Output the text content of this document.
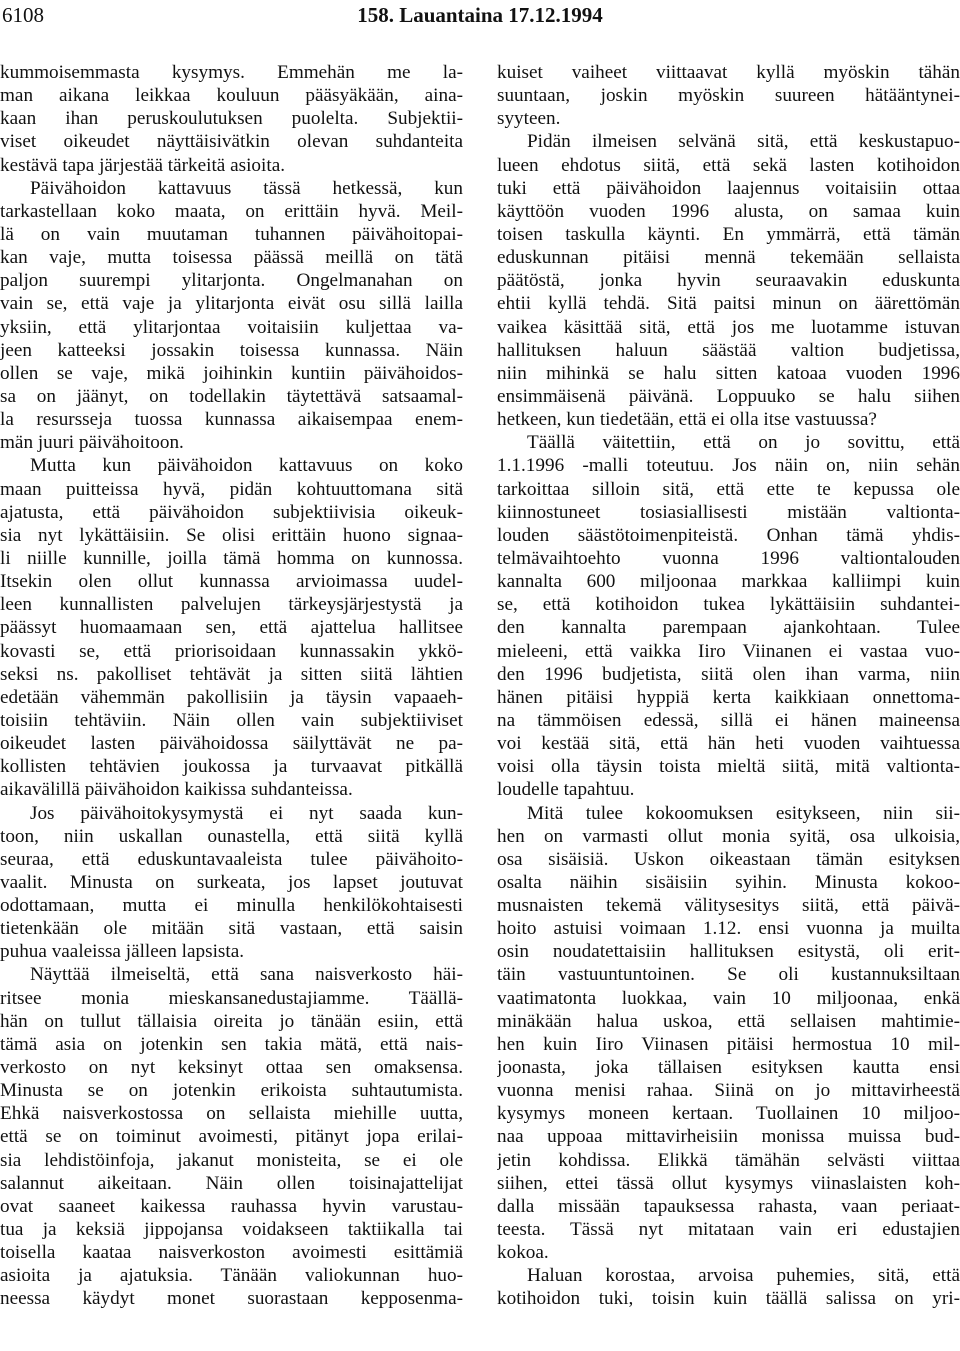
6108	158. Lauantaina 17.12.1994
kummoisemmasta kysymys. Emmehän me la-
man aikana leikkaa kouluun pääsyäkään, aina-
kaan ihan peruskoulutuksen puolelta. Subjektii-
viset oikeudet näyttäisivätkin olevan suhdanteita
kestävä tapa järjestää tärkeitä asioita.
Päivähoidon kattavuus tässä hetkessä, kun
tarkastellaan koko maata, on erittäin hyvä. Meil-
lä on vain muutaman tuhannen päivähoitopai-
kan vaje, mutta toisessa päässä meillä on tätä
paljon suurempi ylitarjonta. Ongelmanahan on
vain se, että vaje ja ylitarjonta eivät osu sillä lailla
yksiin, että ylitarjontaa voitaisiin kuljettaa va-
jeen katteeksi jossakin toisessa kunnassa. Näin
ollen se vaje, mikä joihinkin kuntiin päivähoidos-
sa on jäänyt, on todellakin täytettävä satsaamal-
la resursseja tuossa kunnassa aikaisempaa enem-
män juuri päivähoitoon.
Mutta kun päivähoidon kattavuus on koko
maan puitteissa hyvä, pidän kohtuuttomana sitä
ajatusta, että päivähoidon subjektiivisia oikeuk-
sia nyt lykättäisiin. Se olisi erittäin huono signaa-
li niille kunnille, joilla tämä homma on kunnossa.
Itsekin olen ollut kunnassa arvioimassa uudel-
leen kunnallisten palvelujen tärkeysjärjestystä ja
päässyt huomaamaan sen, että ajattelua hallitsee
kovasti se, että priorisoidaan kunnassakin ykkö-
seksi ns. pakolliset tehtävät ja sitten siitä lähtien
edetään vähemmän pakollisiin ja täysin vapaaeh-
toisiin tehtäviin. Näin ollen vain subjektiiviset
oikeudet lasten päivähoidossa säilyttävät ne pa-
kollisten tehtävien joukossa ja turvaavat pitkällä
aikavälillä päivähoidon kaikissa suhdanteissa.
Jos päivähoitokysymystä ei nyt saada kun-
toon, niin uskallan ounastella, että siitä kyllä
seuraa, että eduskuntavaaleista tulee päivähoito-
vaalit. Minusta on surkeata, jos lapset joutuvat
odottamaan, mutta ei minulla henkilökohtaisesti
tietenkään ole mitään sitä vastaan, että saisin
puhua vaaleissa jälleen lapsista.
Näyttää ilmeiseltä, että sana naisverkosto häi-
ritsee monia mieskansanedustajiamme. Täällä-
hän on tullut tällaisia oireita jo tänään esiin, että
tämä asia on jotenkin sen takia mätä, että nais-
verkosto on nyt keksinyt ottaa sen omaksensa.
Minusta se on jotenkin erikoista suhtautumista.
Ehkä naisverkostossa on sellaista miehille uutta,
että se on toiminut avoimesti, pitänyt jopa erilai-
sia lehdistöinfoja, jakanut monisteita, se ei ole
salannut aikeitaan. Näin ollen toisinajattelijat
ovat saaneet kaikessa rauhassa hyvin varustau-
tua ja keksiä jippojansa voidakseen taktiikalla tai
toisella kaataa naisverkoston avoimesti esittämiä
asioita ja ajatuksia. Tänään valiokunnan huo-
neessa käydyt monet suorastaan kepposenma-
kuiset vaiheet viittaavat kyllä myöskin tähän
suuntaan, joskin myöskin suureen hätääntynei-
syyteen.
Pidän ilmeisen selvänä sitä, että keskustapuo-
lueen ehdotus siitä, että sekä lasten kotihoidon
tuki että päivähoidon laajennus voitaisiin ottaa
käyttöön vuoden 1996 alusta, on samaa kuin
toisen taskulla käynti. En ymmärrä, että tämän
eduskunnan pitäisi mennä tekemään sellaista
päätöstä, jonka hyvin seuraavakin eduskunta
ehtii kyllä tehdä. Sitä paitsi minun on äärettömän
vaikea käsittää sitä, että jos me luotamme istuvan
hallituksen haluun säästää valtion budjetissa,
niin mihinkä se halu sitten katoaa vuoden 1996
ensimmäisenä päivänä. Loppuuko se halu siihen
hetkeen, kun tiedetään, että ei olla itse vastuussa?
Täällä väitettiin, että on jo sovittu, että
1.1.1996 -malli toteutuu. Jos näin on, niin sehän
tarkoittaa silloin sitä, että ette te kepussa ole
kiinnostuneet tosiasiallisesti mistään valtionta-
louden säästötoimenpiteistä. Onhan tämä yhdis-
telmävaihtoehto vuonna 1996 valtiontalouden
kannalta 600 miljoonaa markkaa kalliimpi kuin
se, että kotihoidon tukea lykättäisiin suhdantei-
den kannalta parempaan ajankohtaan. Tulee
mieleeni, että vaikka Iiro Viinanen ei vastaa vuo-
den 1996 budjetista, siitä olen ihan varma, niin
hänen pitäisi hyppiä kerta kaikkiaan onnettoma-
na tämmöisen edessä, sillä ei hänen maineensa
voi kestää sitä, että hän heti vuoden vaihtuessa
voisi olla täysin toista mieltä siitä, mitä valtionta-
loudelle tapahtuu.
Mitä tulee kokoomuksen esitykseen, niin sii-
hen on varmasti ollut monia syitä, osa ulkoisia,
osa sisäisiä. Uskon oikeastaan tämän esityksen
osalta näihin sisäisiin syihin. Minusta kokoo-
musnaisten tekemä välitysesitys siitä, että päivä-
hoito astuisi voimaan 1.12. ensi vuonna ja muilta
osin noudatettaisiin hallituksen esitystä, oli erit-
täin vastuuntuntoinen. Se oli kustannuksiltaan
vaatimatonta luokkaa, vain 10 miljoonaa, enkä
minäkään halua uskoa, että sellaisen mahtimie-
hen kuin Iiro Viinasen pitäisi hermostua 10 mil-
joonasta, joka tällaisen esityksen kautta ensi
vuonna menisi rahaa. Siinä on jo mittavirheestä
kysymys moneen kertaan. Tuollainen 10 miljoo-
naa uppoaa mittavirheisiin monissa muissa bud-
jetin kohdissa. Elikkä tämähän selvästi viittaa
siihen, ettei tässä ollut kysymys viinaslaisten koh-
dalla missään tapauksessa rahasta, vaan periaat-
teesta. Tässä nyt mitataan vain eri edustajien
kokoa.
Haluan korostaa, arvoisa puhemies, sitä, että
kotihoidon tuki, toisin kuin täällä salissa on yri-
